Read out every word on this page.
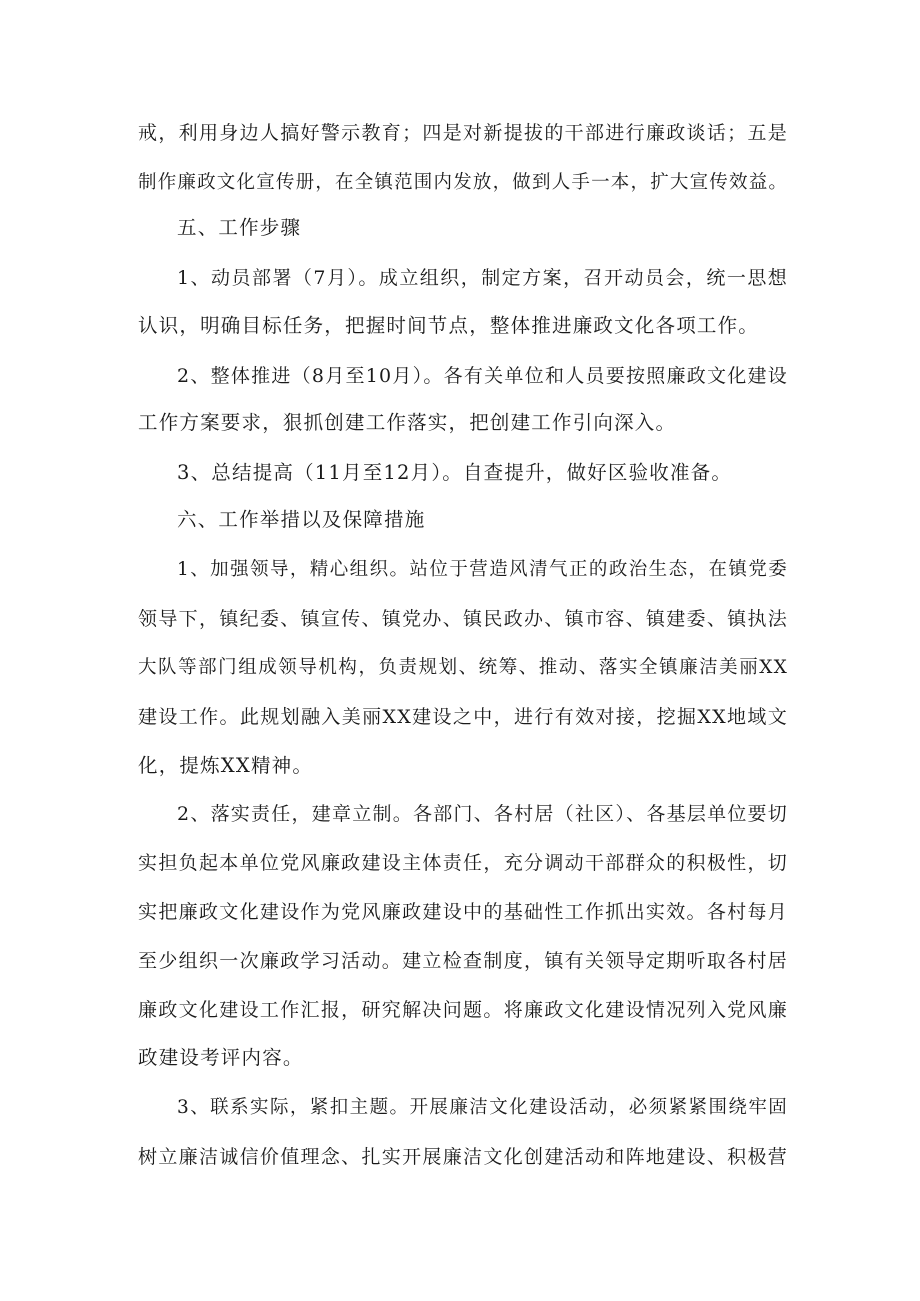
戒，利用身边人搞好警示教育；四是对新提拔的干部进行廉政谈话；五是
制作廉政文化宣传册，在全镇范围内发放，做到人手一本，扩大宣传效益。
五、工作步骤
1、动员部署（7月）。成立组织，制定方案，召开动员会，统一思想
认识，明确目标任务，把握时间节点，整体推进廉政文化各项工作。
2、整体推进（8月至10月）。各有关单位和人员要按照廉政文化建设
工作方案要求，狠抓创建工作落实，把创建工作引向深入。
3、总结提高（11月至12月）。自查提升，做好区验收准备。
六、工作举措以及保障措施
1、加强领导，精心组织。站位于营造风清气正的政治生态，在镇党委
领导下，镇纪委、镇宣传、镇党办、镇民政办、镇市容、镇建委、镇执法
大队等部门组成领导机构，负责规划、统筹、推动、落实全镇廉洁美丽XX
建设工作。此规划融入美丽XX建设之中，进行有效对接，挖掘XX地域文
化，提炼XX精神。
2、落实责任，建章立制。各部门、各村居（社区）、各基层单位要切
实担负起本单位党风廉政建设主体责任，充分调动干部群众的积极性，切
实把廉政文化建设作为党风廉政建设中的基础性工作抓出实效。各村每月
至少组织一次廉政学习活动。建立检查制度，镇有关领导定期听取各村居
廉政文化建设工作汇报，研究解决问题。将廉政文化建设情况列入党风廉
政建设考评内容。
3、联系实际，紧扣主题。开展廉洁文化建设活动，必须紧紧围绕牢固
树立廉洁诚信价值理念、扎实开展廉洁文化创建活动和阵地建设、积极营
